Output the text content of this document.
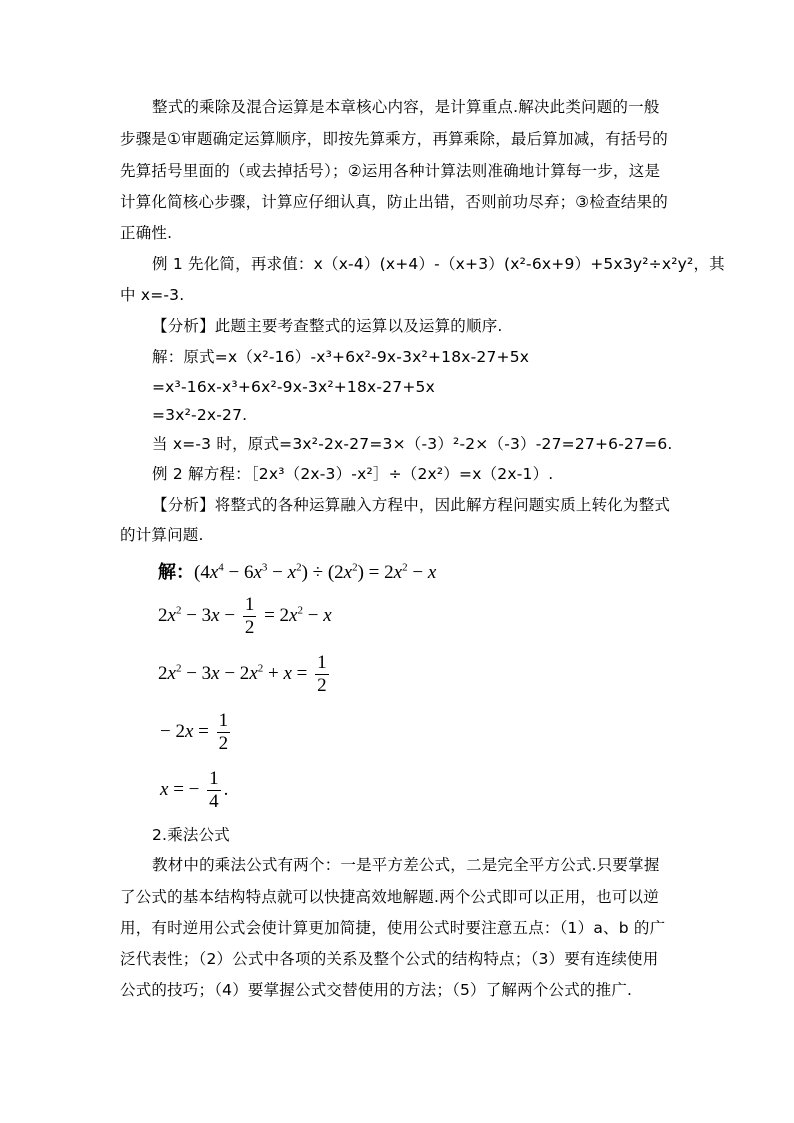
整式的乘除及混合运算是本章核心内容，是计算重点.解决此类问题的一般
步骤是①审题确定运算顺序，即按先算乘方，再算乘除，最后算加减，有括号的
先算括号里面的（或去掉括号）；②运用各种计算法则准确地计算每一步，这是
计算化简核心步骤，计算应仔细认真，防止出错，否则前功尽弃；③检查结果的
正确性.
例 1 先化简，再求值：x（x-4）(x+4）-（x+3）(x²-6x+9）+5x3y²÷x²y²，其
中 x=-3.
【分析】此题主要考查整式的运算以及运算的顺序.
解：原式=x（x²-16）-x³+6x²-9x-3x²+18x-27+5x
=x³-16x-x³+6x²-9x-3x²+18x-27+5x
=3x²-2x-27.
当 x=-3 时，原式=3x²-2x-27=3×（-3）²-2×（-3）-27=27+6-27=6.
例 2 解方程：［2x³（2x-3）-x²］÷（2x²）=x（2x-1）.
【分析】将整式的各种运算融入方程中，因此解方程问题实质上转化为整式
的计算问题.
解：$(4x^4 - 6x^3 - x^2) \div (2x^2) = 2x^2 - x$
$2x^2 - 3x - \frac{1}{2} = 2x^2 - x$
$2x^2 - 3x - 2x^2 + x = \frac{1}{2}$
− $2x = \frac{1}{2}$
x = − $\frac{1}{4}$ .
2.乘法公式
教材中的乘法公式有两个：一是平方差公式，二是完全平方公式.只要掌握
了公式的基本结构特点就可以快捷高效地解题.两个公式即可以正用，也可以逆
用，有时逆用公式会使计算更加简捷，使用公式时要注意五点：（1）a、b 的广
泛代表性；（2）公式中各项的关系及整个公式的结构特点；（3）要有连续使用
公式的技巧；（4）要掌握公式交替使用的方法；（5）了解两个公式的推广.
